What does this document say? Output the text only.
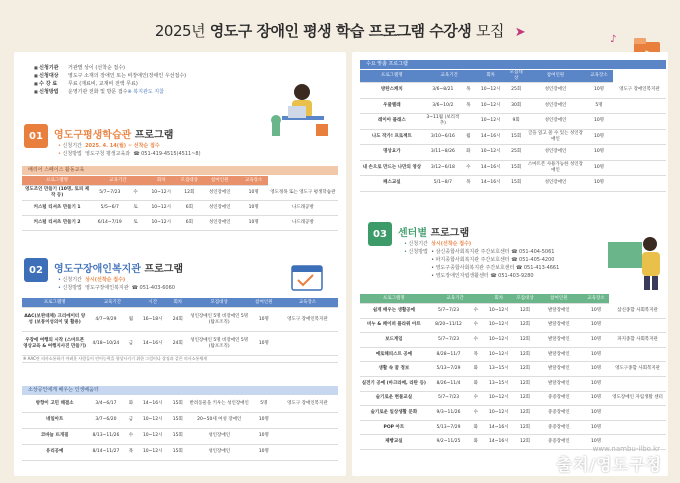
2025년 영도구 장애인 평생 학습 프로그램 수강생 모집 ➤	♪
■ 신청기관	거관별 상이 (선착순 접수)
■ 신청대상	영도구 소재의 장애인 또는 비장애인(장애인 우선접수)
■ 수 강 료	무료 (재료비, 교재비 전액 무료)
■ 신청방법	운영기관 전화 및 방문 접수 ※ 복지관도 지참
01	영도구평생학습관 프로그램
• 신청기간 2025. 4. 14(월) ~ 선착순 접수
• 신청방법 영도구청 평생교육과 ☎ 051-419-4515(4511~8)
배리어 스페이스 활동교육
프로그램명	교육기간		회차	모집대상	참여인원	교육장소	
영도조인 만들기 (10명, 토피 제작 등)	5/7~7/23	수	10~12시	12회	성인장애인	10명	영도정목 또는 영도구 평생학습관
커스텀 티셔츠 만들기 1	5/5~6/7	토	10~12시	6회	성인장애인	10명	나드래공방
커스텀 티셔츠 만들기 2	6/14~7/19	토	10~12시	6회	성인장애인	10명	나드래공방
02	영도구장애인복지관 프로그램
• 신청기간 상시(선착순 접수)
• 신청방법 영도구장애인복지관 ☎ 051-403-6060
프로그램명	교육기간		시간	회차	모집대상	참여인원	교육장소
AAC(보완대체) 크리에이터 양성 (보통이성의이 및 활용)	4/7~9/29	월	16~18시	24회	성인장애인 5명 비장애인 5명 (탐포조직)	10명	영도구 장애인복지관
우장애 여행의 시작 (스마트폰 영상교육 & 여행지사진 만들기)	4/18~10/24	금	14~16시	24회	성인장애인 5명 비장애인 5명 (탐포조직)	10명	
※ AAC란 의사소통하기 어려운 사람들이 언어능력을 향상시키기 위한 그림이나 상징과 같은 의사소통체계							
소상공인에게 배우는 인생배움터
방향이 고민 해결소	3/4~6/17	화	14~16시	15회	반려동물을 키우는 성인장애인	5명	영도구 장애인복지관
네일아트	3/7~6/20	금	10~12시	15회	20~50세 여성 장애인	10명	
코바늘 뜨개질	8/13~11/26	수	10~12시	15회	성인장애인	10명	
유리공예	8/14~11/27	목	10~12시	15회	성인장애인	10명	
수요 맞춤 프로그램
프로그램명	교육기간		회차	모집대상	참여인원	교육장소	
방탄스케치	3/6~8/21	목	10~12시	25회	성인장애인	10명	영도구 장애인복지관
우쿨렐레	3/6~10/2	목	10~12시	30회	성인장애인	5명	
레이아 플래스	3~11월 (보리적 추)		10~12시	9회	성인장애인	10명	
나도 작가! 프로젝트	3/10~6/16	월	14~16시	15회	글을 읽고 쓸 수 있는 성인장애인	10명	
명상요가	3/11~8/26	화	10~12시	25회	성인장애인	10명	
내 손으로 만드는 나만의 영상	3/12~6/18	수	14~16시	15회	스마트폰 사용가능한 성인장애인	10명	
페스교실	5/1~8/7	목	14~16시	15회	성인장애인	10명	
03	센터별 프로그램
• 신청기간 상시(선착순 접수)
• 신청방법 • 삼신종합사회복지관 주간보호센터 ☎ 051-404-5061
• 파지종합사회복지관 주간보호센터 ☎ 051-405-4200
• 영도구종합사회복지관 주간보호센터 ☎ 051-413-4661
• 영도장애인자립생활센터 ☎ 051-403-9280
프로그램명	교육기간		회차	모집대상	참여인원	교육장소	
쉽게 배우는 생활공예	5/7~7/23	수	10~12시	12회	발달장애인	10명	삼신종합 사회복지관
비누 & 페이퍼 플라워 아트	8/20~11/12	수	10~12시	12회	발달장애인	10명	
보드게임	5/7~7/23	수	10~12시	12회	발달장애인	10명	파지종합 사회복지관
예로해피스트 공예	8/28~11/7	목	10~12시	12회	발달장애인	10명	
생활 속 꿀 정보	5/13~7/29	화	13~15시	12회	발달장애인	10명	영도구종합 사회복지관
실전기 공예 (마크라메, 라탄 등)	8/26~11/4	화	13~15시	12회	발달장애인	10명	
슬기로운 현물교실	5/7~7/23	수	10~12시	12회	중증장애인	10명	영도장애인 자립생활 센터
슬기로운 일상생활 문화	9/3~11/26	수	10~12시	12회	중증장애인	10명	
POP 아트	5/13~7/29	화	14~16시	12회	중증장애인	10명	
제빵교실	9/2~11/25	화	14~16시	12회	중증장애인	10명	
www.nambu-ilbo.kr
출처/영도구청
